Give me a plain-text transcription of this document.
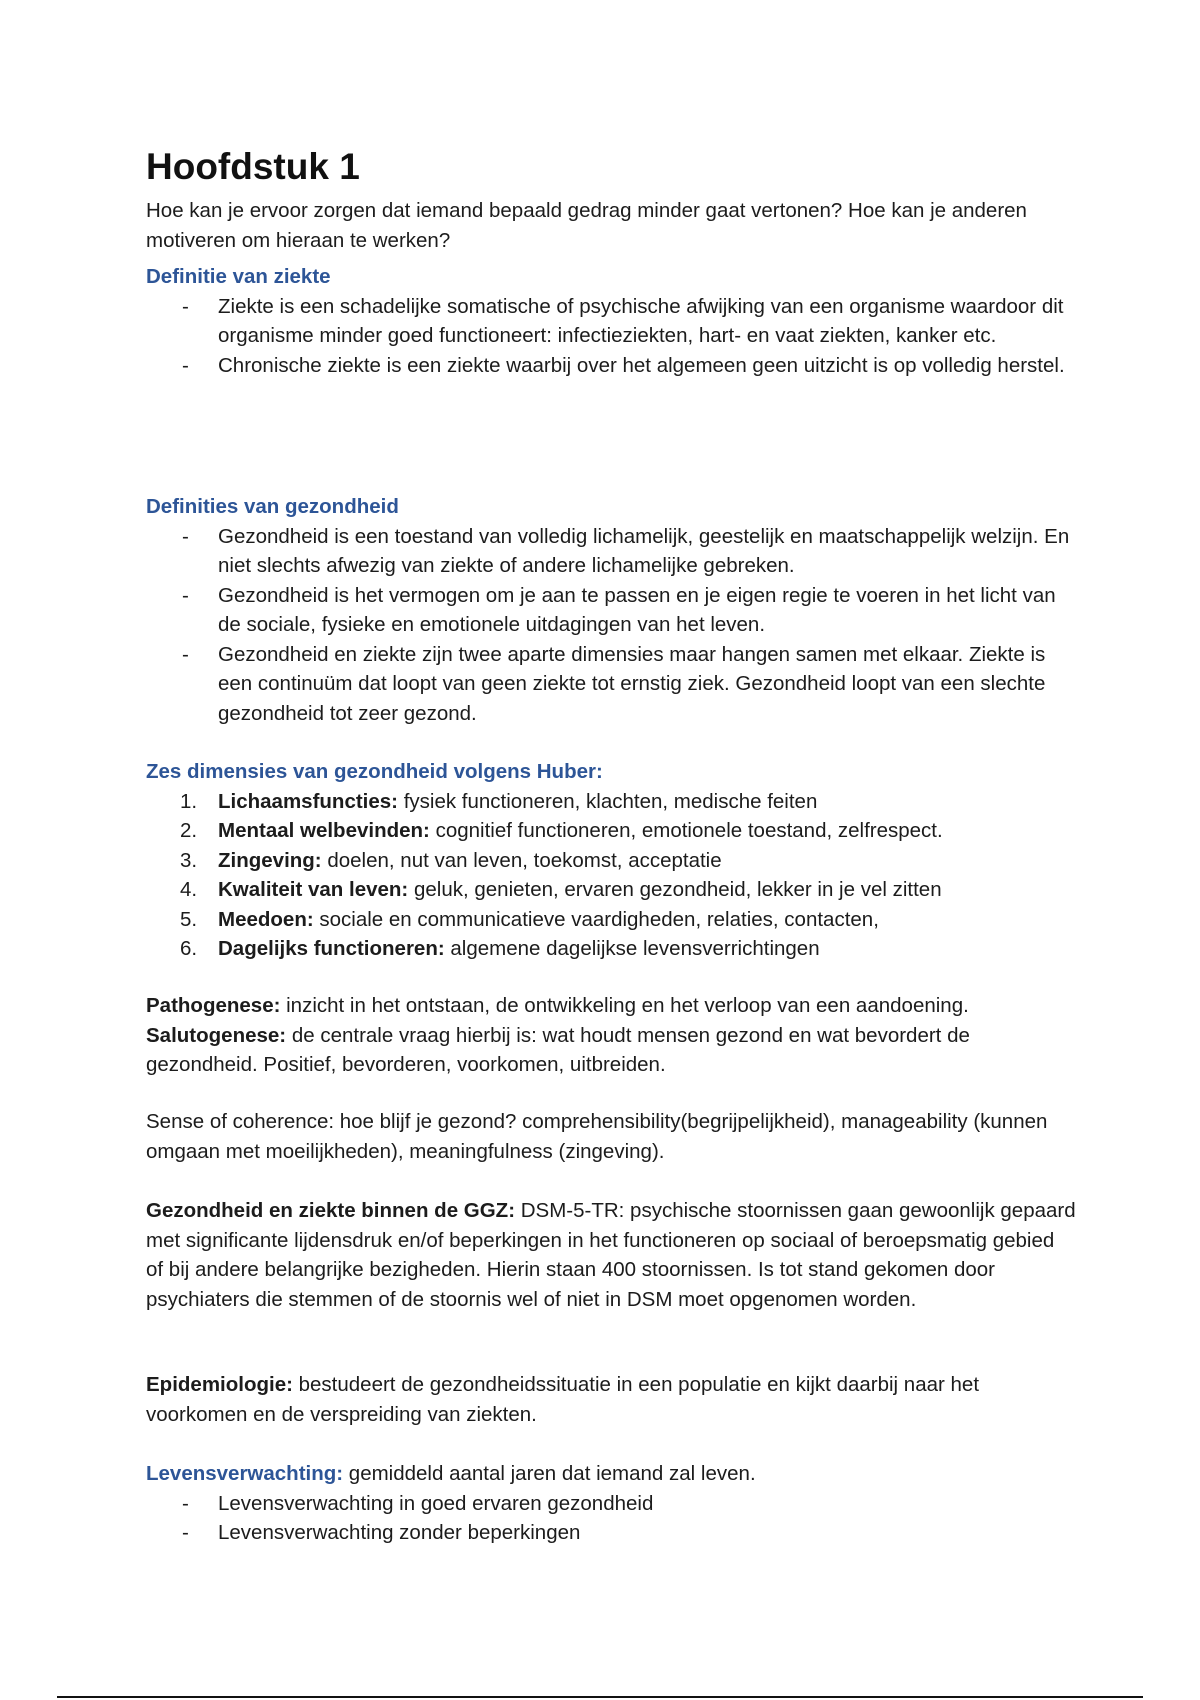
Hoofdstuk 1

Hoe kan je ervoor zorgen dat iemand bepaald gedrag minder gaat vertonen? Hoe kan je anderen motiveren om hieraan te werken?

Definitie van ziekte
- Ziekte is een schadelijke somatische of psychische afwijking van een organisme waardoor dit organisme minder goed functioneert: infectieziekten, hart- en vaat ziekten, kanker etc.
- Chronische ziekte is een ziekte waarbij over het algemeen geen uitzicht is op volledig herstel.
Definities van gezondheid
- Gezondheid is een toestand van volledig lichamelijk, geestelijk en maatschappelijk welzijn. En niet slechts afwezig van ziekte of andere lichamelijke gebreken.
- Gezondheid is het vermogen om je aan te passen en je eigen regie te voeren in het licht van de sociale, fysieke en emotionele uitdagingen van het leven.
- Gezondheid en ziekte zijn twee aparte dimensies maar hangen samen met elkaar. Ziekte is een continuüm dat loopt van geen ziekte tot ernstig ziek. Gezondheid loopt van een slechte gezondheid tot zeer gezond.
Zes dimensies van gezondheid volgens Huber:
1.	Lichaamsfuncties: fysiek functioneren, klachten, medische feiten
2.	Mentaal welbevinden: cognitief functioneren, emotionele toestand, zelfrespect.
3.	Zingeving: doelen, nut van leven, toekomst, acceptatie
4.	Kwaliteit van leven: geluk, genieten, ervaren gezondheid, lekker in je vel zitten
5.	Meedoen: sociale en communicatieve vaardigheden, relaties, contacten,
6.	Dagelijks functioneren: algemene dagelijkse levensverrichtingen

Pathogenese: inzicht in het ontstaan, de ontwikkeling en het verloop van een aandoening.

Salutogenese: de centrale vraag hierbij is: wat houdt mensen gezond en wat bevordert de gezondheid. Positief, bevorderen, voorkomen, uitbreiden.

Sense of coherence: hoe blijf je gezond? comprehensibility(begrijpelijkheid), manageability (kunnen omgaan met moeilijkheden), meaningfulness (zingeving).

Gezondheid en ziekte binnen de GGZ: DSM-5-TR: psychische stoornissen gaan gewoonlijk gepaard met significante lijdensdruk en/of beperkingen in het functioneren op sociaal of beroepsmatig gebied of bij andere belangrijke bezigheden. Hierin staan 400 stoornissen. Is tot stand gekomen door psychiaters die stemmen of de stoornis wel of niet in DSM moet opgenomen worden.

Epidemiologie: bestudeert de gezondheidssituatie in een populatie en kijkt daarbij naar het voorkomen en de verspreiding van ziekten.

Levensverwachting: gemiddeld aantal jaren dat iemand zal leven.

- Levensverwachting in goed ervaren gezondheid
- Levensverwachting zonder beperkingen
